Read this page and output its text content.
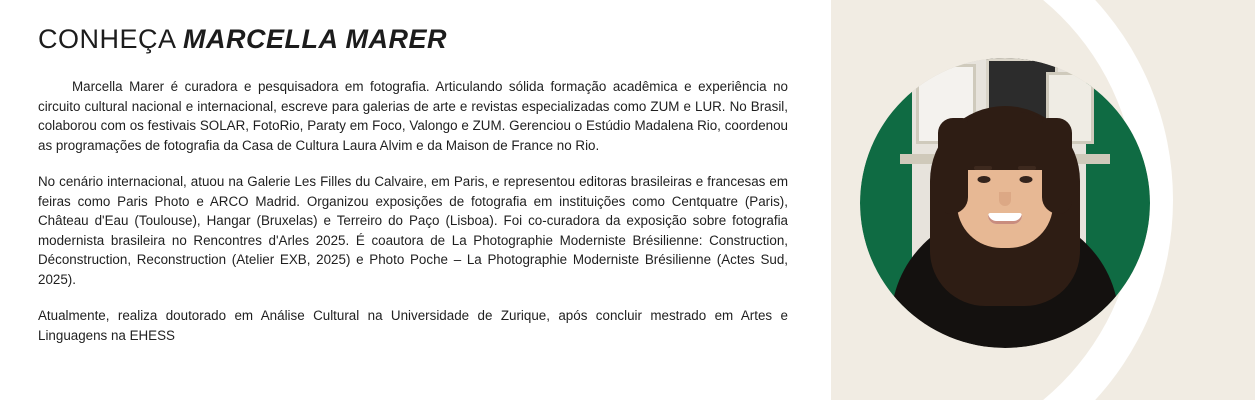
CONHEÇA MARCELLA MARER

Marcella Marer é curadora e pesquisadora em fotografia. Articulando sólida formação acadêmica e experiência no circuito cultural nacional e internacional, escreve para galerias de arte e revistas especializadas como ZUM e LUR. No Brasil, colaborou com os festivais SOLAR, FotoRio, Paraty em Foco, Valongo e ZUM. Gerenciou o Estúdio Madalena Rio, coordenou as programações de fotografia da Casa de Cultura Laura Alvim e da Maison de France no Rio.

No cenário internacional, atuou na Galerie Les Filles du Calvaire, em Paris, e representou editoras brasileiras e francesas em feiras como Paris Photo e ARCO Madrid. Organizou exposições de fotografia em instituições como Centquatre (Paris), Château d'Eau (Toulouse), Hangar (Bruxelas) e Terreiro do Paço (Lisboa). Foi co-curadora da exposição sobre fotografia modernista brasileira no Rencontres d'Arles 2025. É coautora de La Photographie Moderniste Brésilienne: Construction, Déconstruction, Reconstruction (Atelier EXB, 2025) e Photo Poche – La Photographie Moderniste Brésilienne (Actes Sud, 2025).

Atualmente, realiza doutorado em Análise Cultural na Universidade de Zurique, após concluir mestrado em Artes e Linguagens na EHESS
